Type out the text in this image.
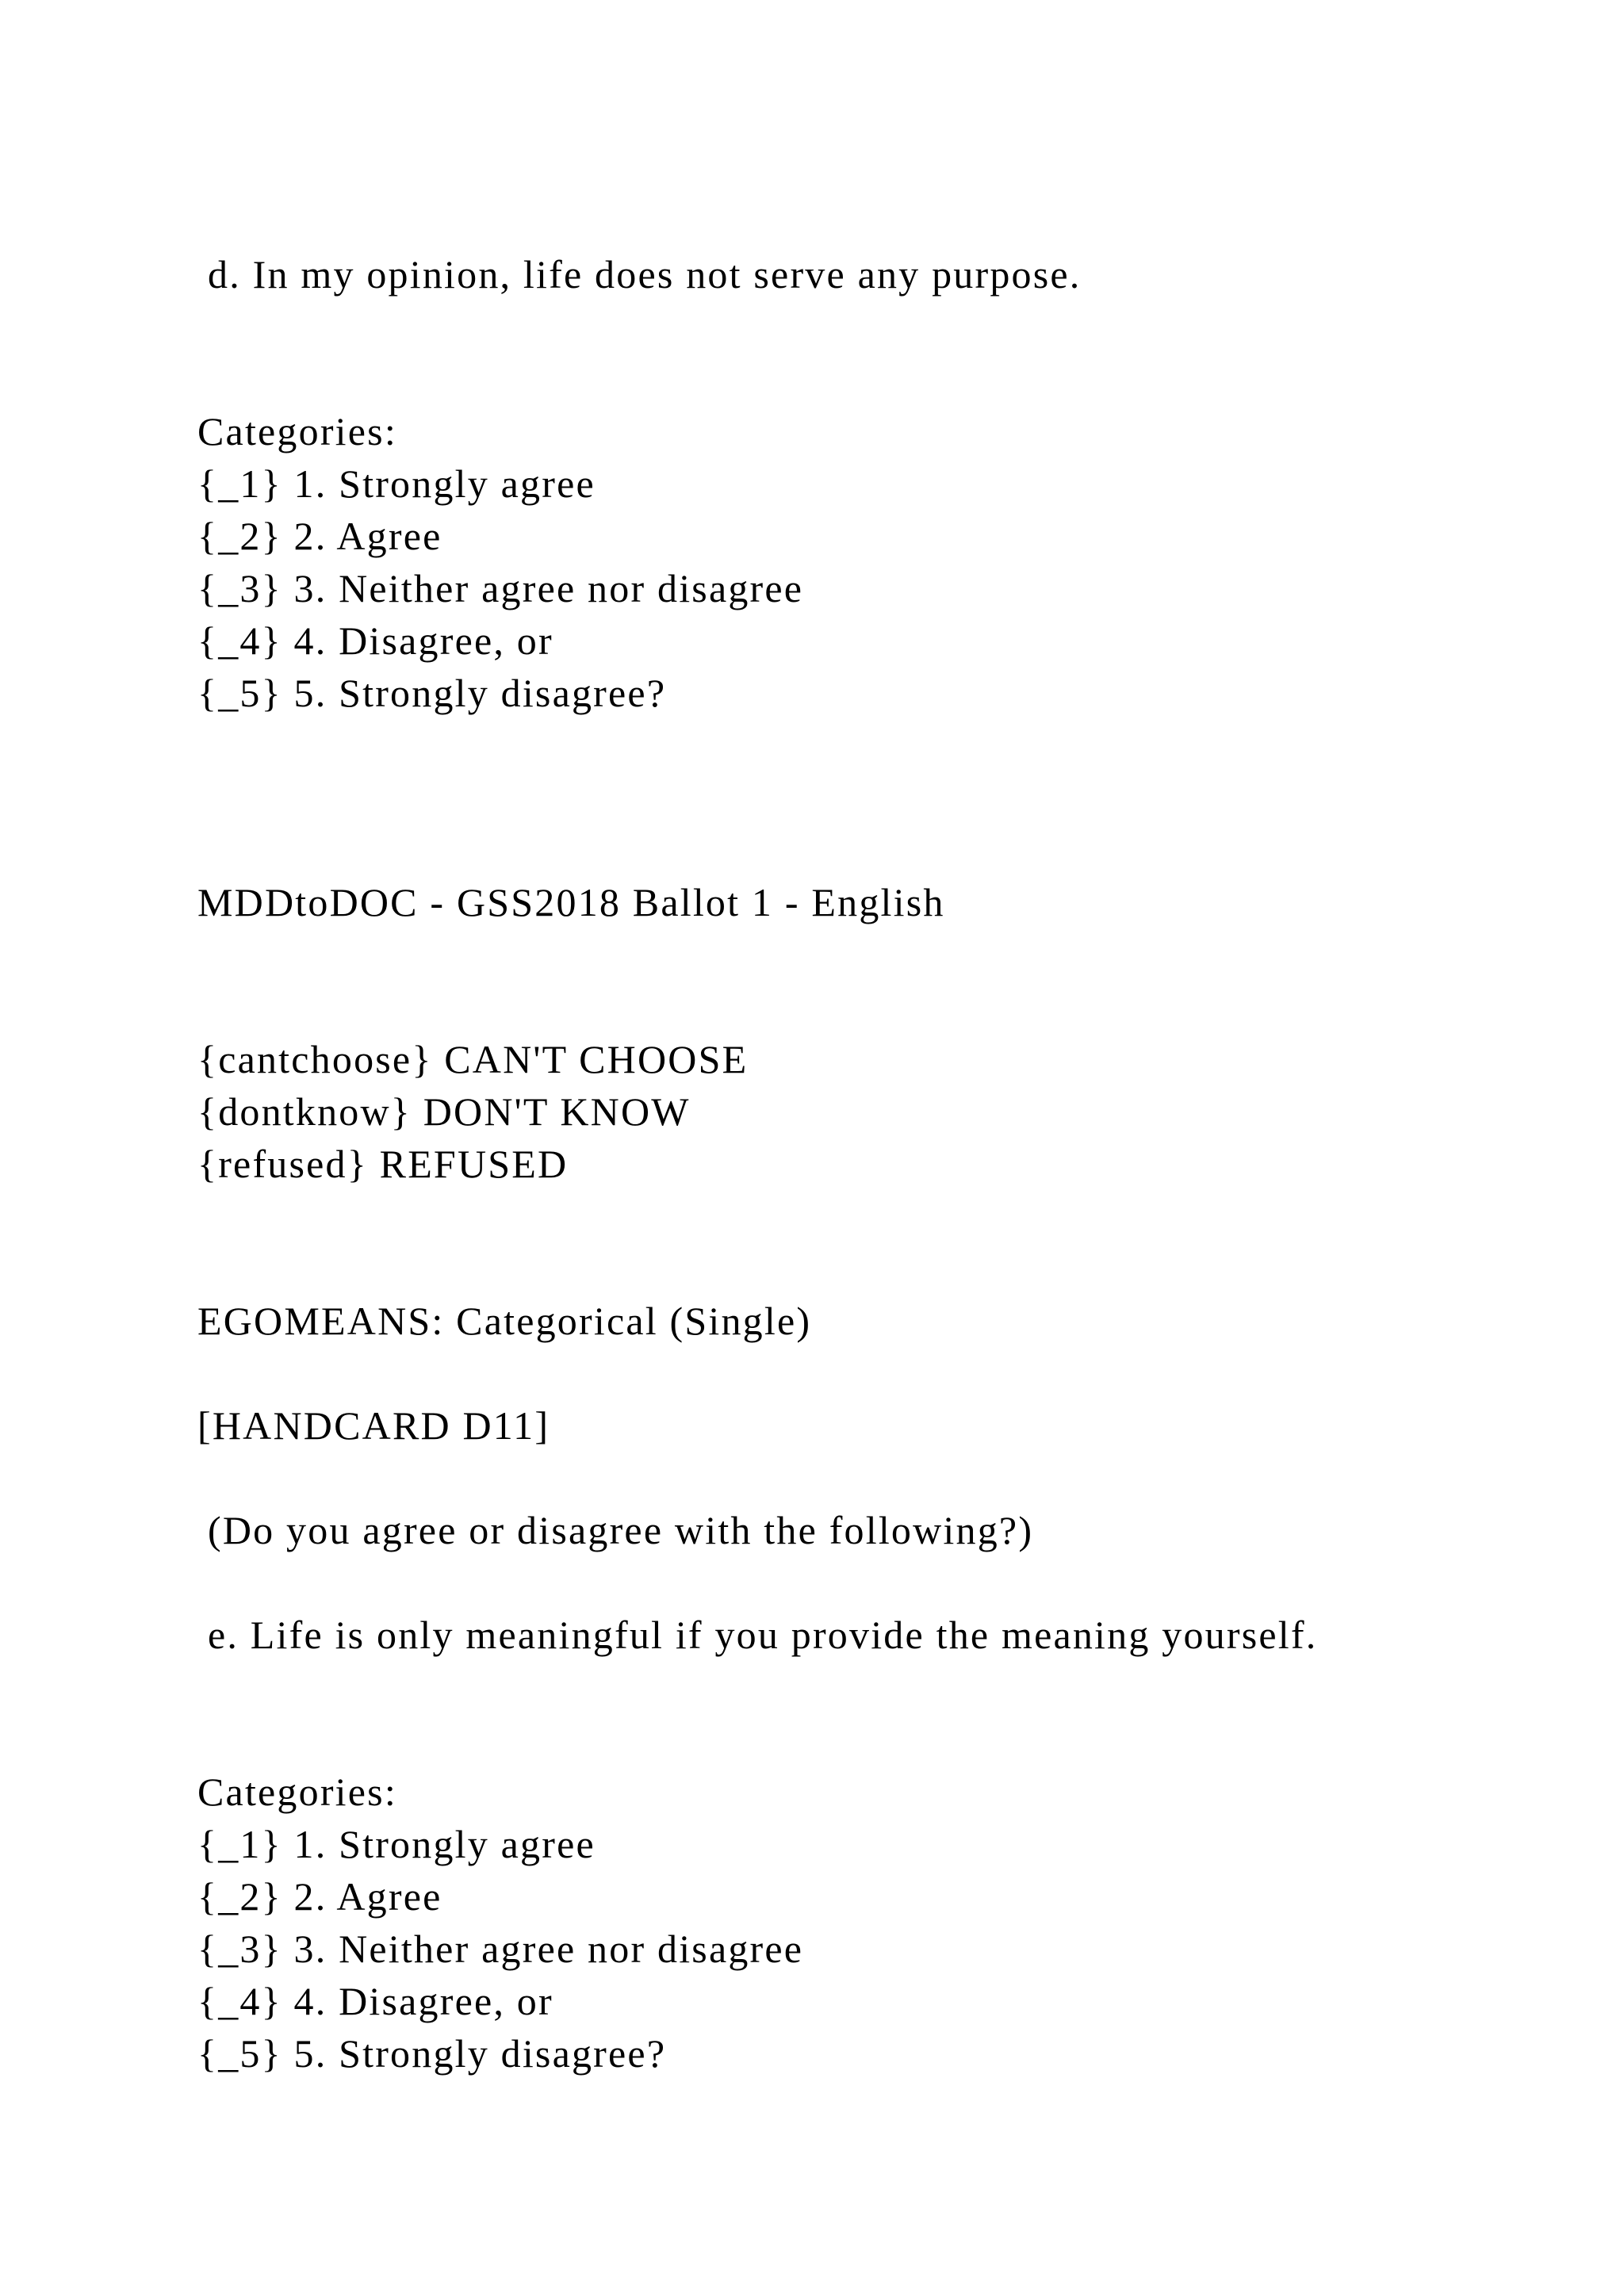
d. In my opinion, life does not serve any purpose.
Categories:
{_1} 1. Strongly agree
{_2} 2. Agree
{_3} 3. Neither agree nor disagree
{_4} 4. Disagree, or
{_5} 5. Strongly disagree?
MDDtoDOC - GSS2018 Ballot 1 - English
{cantchoose} CAN'T CHOOSE
{dontknow} DON'T KNOW
{refused} REFUSED
EGOMEANS: Categorical (Single)
[HANDCARD D11]
(Do you agree or disagree with the following?)
e. Life is only meaningful if you provide the meaning yourself.
Categories:
{_1} 1. Strongly agree
{_2} 2. Agree
{_3} 3. Neither agree nor disagree
{_4} 4. Disagree, or
{_5} 5. Strongly disagree?
